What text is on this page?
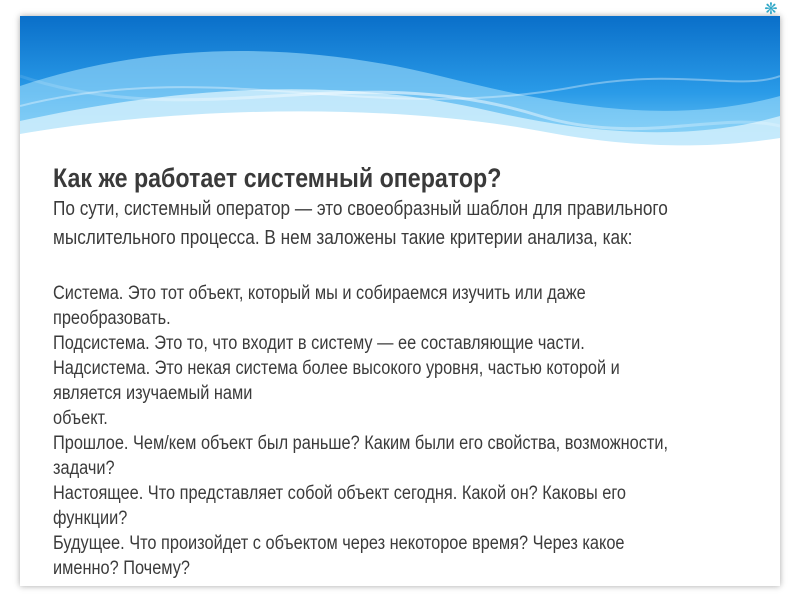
Как же работает системный оператор?

По сути, системный оператор — это своеобразный шаблон для правильного

мыслительного процесса. В нем заложены такие критерии анализа, как:

Система. Это тот объект, который мы и собираемся изучить или даже преобразовать.
Подсистема. Это то, что входит в систему — ее составляющие части.
Надсистема. Это некая система более высокого уровня, частью которой и является изучаемый нами
объект.
Прошлое. Чем/кем объект был раньше? Каким были его свойства, возможности, задачи?
Настоящее. Что представляет собой объект сегодня. Какой он? Каковы его функции?
Будущее. Что произойдет с объектом через некоторое время? Через какое именно? Почему?
❋
